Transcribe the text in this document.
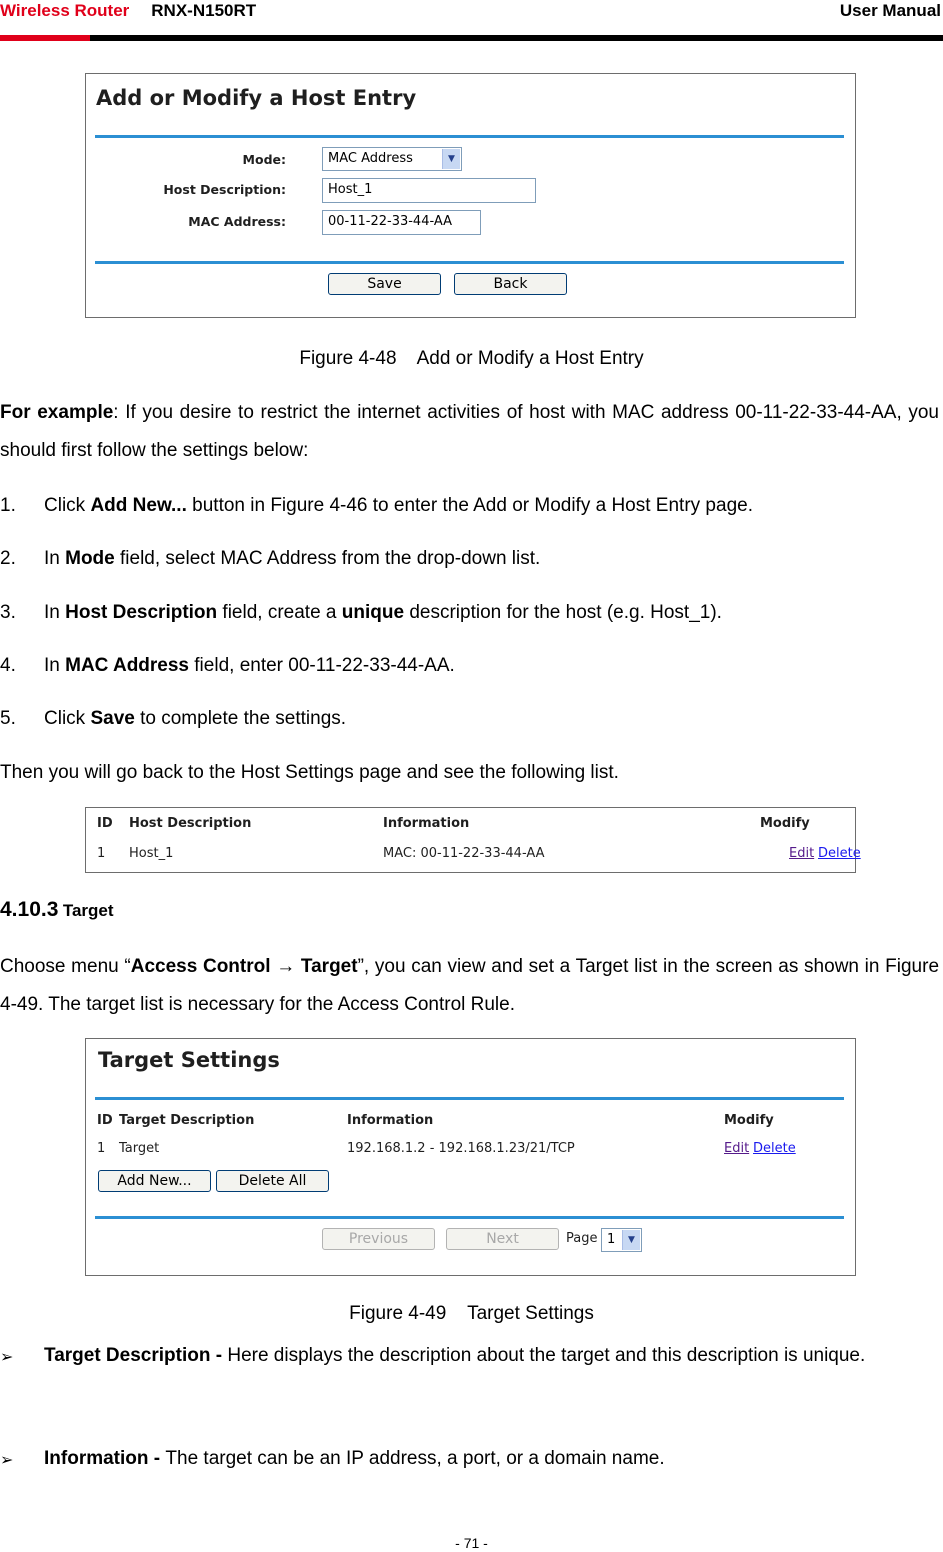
Wireless Router RNX-N150RT	User Manual
Add or Modify a Host Entry
Mode:	MAC Address	▼
Host Description:	Host_1
MAC Address:	00-11-22-33-44-AA
Save	Back
Figure 4-48    Add or Modify a Host Entry
For example: If you desire to restrict the internet activities of host with MAC address 00-11-22-33-44-AA, you should first follow the settings below:
1. Click Add New... button in Figure 4-46 to enter the Add or Modify a Host Entry page.
2. In Mode field, select MAC Address from the drop-down list.
3. In Host Description field, create a unique description for the host (e.g. Host_1).
4. In MAC Address field, enter 00-11-22-33-44-AA.
5. Click Save to complete the settings.
Then you will go back to the Host Settings page and see the following list.
ID Host Description	Information	Modify
1 Host_1	MAC: 00-11-22-33-44-AA	Edit Delete
4.10.3 Target
Choose menu “Access Control → Target”, you can view and set a Target list in the screen as shown in Figure 4-49. The target list is necessary for the Access Control Rule.
Target Settings
ID Target Description	Information	Modify
1 Target	192.168.1.2 - 192.168.1.23/21/TCP	Edit Delete
Add New...	Delete All
Previous	Next	Page 1	▼
Figure 4-49    Target Settings
➢ Target Description - Here displays the description about the target and this description is unique.
➢ Information - The target can be an IP address, a port, or a domain name.
- 71 -
